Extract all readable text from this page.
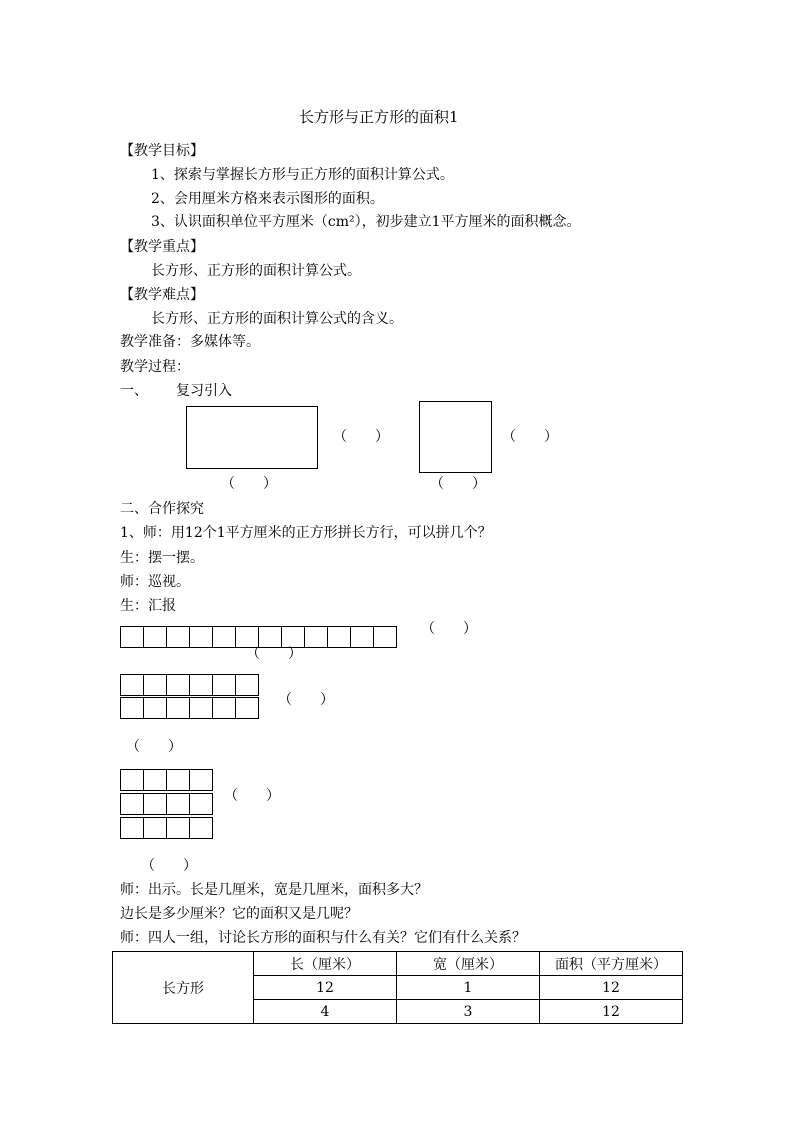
长方形与正方形的面积1
【教学目标】
1、探索与掌握长方形与正方形的面积计算公式。
2、会用厘米方格来表示图形的面积。
3、认识面积单位平方厘米（cm²），初步建立1平方厘米的面积概念。
【教学重点】
长方形、正方形的面积计算公式。
【教学难点】
长方形、正方形的面积计算公式的含义。
教学准备：多媒体等。
教学过程：
一、 复习引入
（　　）
（　　）
（　　）
（　　）
二、合作探究
1、师：用12个1平方厘米的正方形拼长方行，可以拼几个？
生：摆一摆。
师：巡视。
生：汇报
（　　）
（　　）
（　　）
（　　）
（　　）
（　　）
师：出示。长是几厘米，宽是几厘米，面积多大？
边长是多少厘米？它的面积又是几呢？
师：四人一组，讨论长方形的面积与什么有关？它们有什么关系？
长方形	长（厘米）	宽（厘米）	面积（平方厘米）
	12	1	12
	4	3	12
